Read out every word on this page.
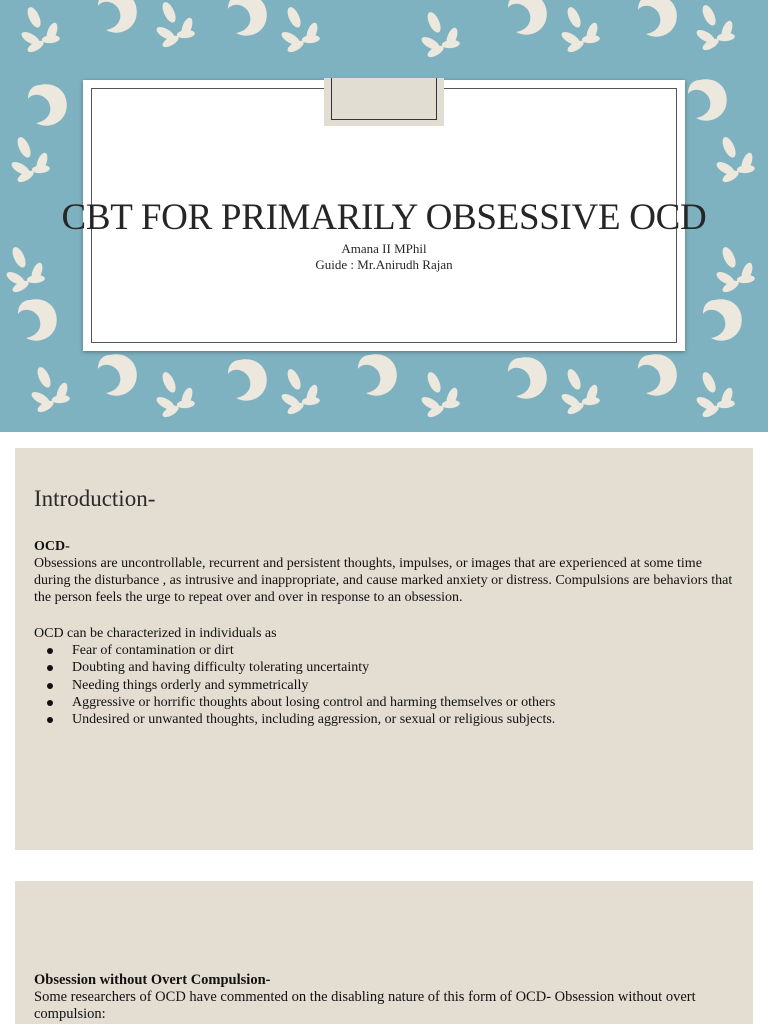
CBT FOR PRIMARILY OBSESSIVE OCD
Amana II MPhil
Guide : Mr.Anirudh Rajan
Introduction-
OCD-
Obsessions are uncontrollable, recurrent and persistent thoughts, impulses, or images that are experienced at some time during the disturbance , as intrusive and inappropriate, and cause marked anxiety or distress. Compulsions are behaviors that the person feels the urge to repeat over and over in response to an obsession.
OCD can be characterized in individuals as
Fear of contamination or dirt
Doubting and having difficulty tolerating uncertainty
Needing things orderly and symmetrically
Aggressive or horrific thoughts about losing control and harming themselves or others
Undesired or unwanted thoughts, including aggression, or sexual or religious subjects.
Obsession without Overt Compulsion-
Some researchers of OCD have commented on the disabling nature of this form of OCD- Obsession without overt compulsion:
